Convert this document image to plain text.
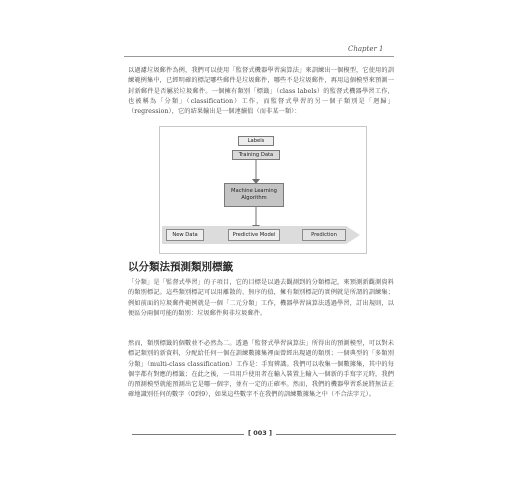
Chapter 1
以過濾垃圾郵件為例，我們可以使用「監督式機器學習演算法」來訓練出一個模型，它使用的訓練範例集中，已經明確的標記哪些郵件是垃圾郵件，哪些不是垃圾郵件，再用這個模型來預測一封新郵件是否屬於垃圾郵件。一個擁有類別「標籤」（class labels）的監督式機器學習工作，也被稱為「分類」（classification）工作，而監督式學習的另一個子類別是「迴歸」（regression），它的結果輸出是一個連續值（而非某一類）：
Labels
Training Data
Machine Learning Algorithm
New Data	Predictive Model	Prediction
以分類法預測類別標籤
「分類」是「監督式學習」的子項目，它的目標是以過去觀測到的分類標記，來預測新觀測資料的類別標記。這些類別標記可以用離散的、無序的值，擁有類別標記的實例就是所謂的訓練集；例如前面的垃圾郵件範例就是一個「二元分類」工作，機器學習演算法透過學習，訂出規則，以便區分兩個可能的類別：垃圾郵件與非垃圾郵件。
然而，類別標籤的個數並不必然為二。透過「監督式學習演算法」所得出的預測模型，可以對未標記類別的新資料，分配給任何一個在訓練數據集裡面曾經出現過的類別；一個典型的「多類別分類」（multi-class classification）工作是：手寫辨識。我們可以收集一個數據集，其中的每個字都有對應的標籤；在此之後，一旦用戶使用者在輸入裝置上輸入一個新的手寫字元時，我們的預測模型就能預測出它是哪一個字，並有一定的正確率。然而，我們的機器學習系統將無法正確地識別任何的數字（0到9），如果這些數字不在我們的訓練數據集之中（不合法字元）。
[ 003 ]
